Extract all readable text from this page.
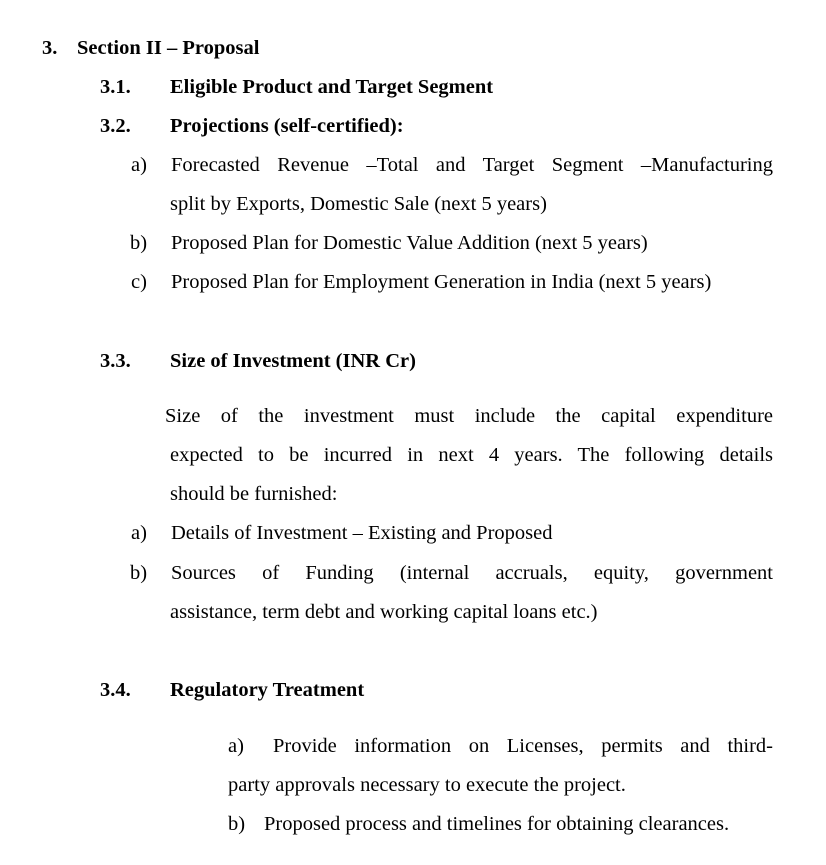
3. Section II – Proposal
3.1. Eligible Product and Target Segment
3.2. Projections (self-certified):
a) Forecasted Revenue –Total and Target Segment –Manufacturing
split by Exports, Domestic Sale (next 5 years)
b) Proposed Plan for Domestic Value Addition (next 5 years)
c) Proposed Plan for Employment Generation in India (next 5 years)
3.3. Size of Investment (INR Cr)
Size of the investment must include the capital expenditure
expected to be incurred in next 4 years. The following details
should be furnished:
a) Details of Investment – Existing and Proposed
b) Sources of Funding (internal accruals, equity, government
assistance, term debt and working capital loans etc.)
3.4. Regulatory Treatment
a) Provide information on Licenses, permits and third-
party approvals necessary to execute the project.
b) Proposed process and timelines for obtaining clearances.
